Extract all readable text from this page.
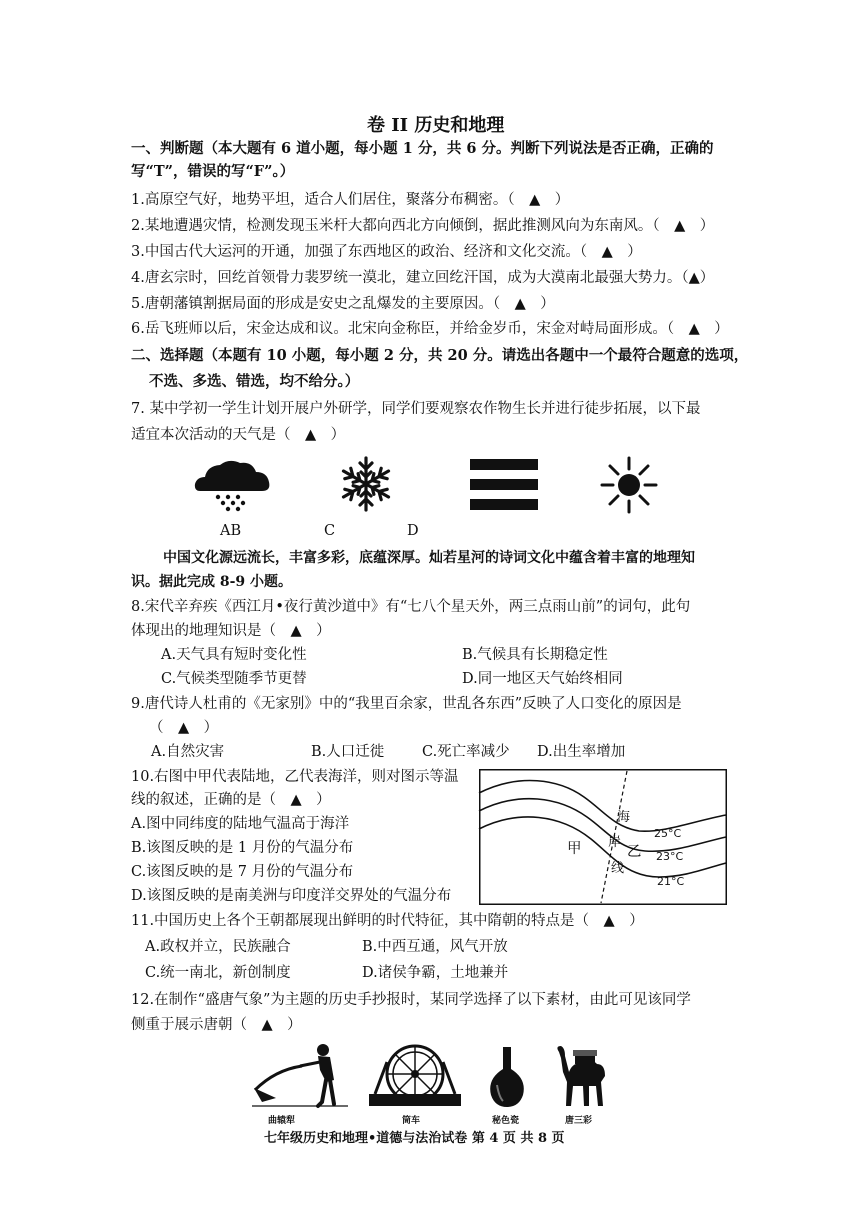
卷 II 历史和地理
一、判断题（本大题有 6 道小题，每小题 1 分，共 6 分。判断下列说法是否正确，正确的
写“T”，错误的写“F”。）
1.高原空气好，地势平坦，适合人们居住，聚落分布稠密。（　▲　）
2.某地遭遇灾情，检测发现玉米杆大都向西北方向倾倒，据此推测风向为东南风。（　▲　）
3.中国古代大运河的开通，加强了东西地区的政治、经济和文化交流。（　▲　）
4.唐玄宗时，回纥首领骨力裴罗统一漠北，建立回纥汗国，成为大漠南北最强大势力。（▲）
5.唐朝藩镇割据局面的形成是安史之乱爆发的主要原因。（　▲　）
6.岳飞班师以后，宋金达成和议。北宋向金称臣，并给金岁币，宋金对峙局面形成。（　▲　）
二、选择题（本题有 10 小题，每小题 2 分，共 20 分。请选出各题中一个最符合题意的选项，
不选、多选、错选，均不给分。）
7. 某中学初一学生计划开展户外研学，同学们要观察农作物生长并进行徒步拓展，以下最
适宜本次活动的天气是（　▲　）
AB	C	D
中国文化源远流长，丰富多彩，底蕴深厚。灿若星河的诗词文化中蕴含着丰富的地理知
识。据此完成 8-9 小题。
8.宋代辛弃疾《西江月•夜行黄沙道中》有“七八个星天外，两三点雨山前”的词句，此句
体现出的地理知识是（　▲　）
A.天气具有短时变化性	B.气候具有长期稳定性
C.气候类型随季节更替	D.同一地区天气始终相同
9.唐代诗人杜甫的《无家别》中的“我里百余家，世乱各东西”反映了人口变化的原因是
（　▲　）
A.自然灾害	B.人口迁徙	C.死亡率减少 D.出生率增加
10.右图中甲代表陆地，乙代表海洋，则对图示等温
线的叙述，正确的是（　▲　）
A.图中同纬度的陆地气温高于海洋
B.该图反映的是 1 月份的气温分布
C.该图反映的是 7 月份的气温分布
D.该图反映的是南美洲与印度洋交界处的气温分布
海
岸
线
甲	乙
25°C
23°C
21°C
11.中国历史上各个王朝都展现出鲜明的时代特征，其中隋朝的特点是（　▲　）
A.政权并立，民族融合	B.中西互通，风气开放
C.统一南北，新创制度	D.诸侯争霸，土地兼并
12.在制作“盛唐气象”为主题的历史手抄报时，某同学选择了以下素材，由此可见该同学
侧重于展示唐朝（　▲　）
曲辕犁	筒车	秘色瓷	唐三彩
七年级历史和地理•道德与法治试卷 第 4 页 共 8 页
